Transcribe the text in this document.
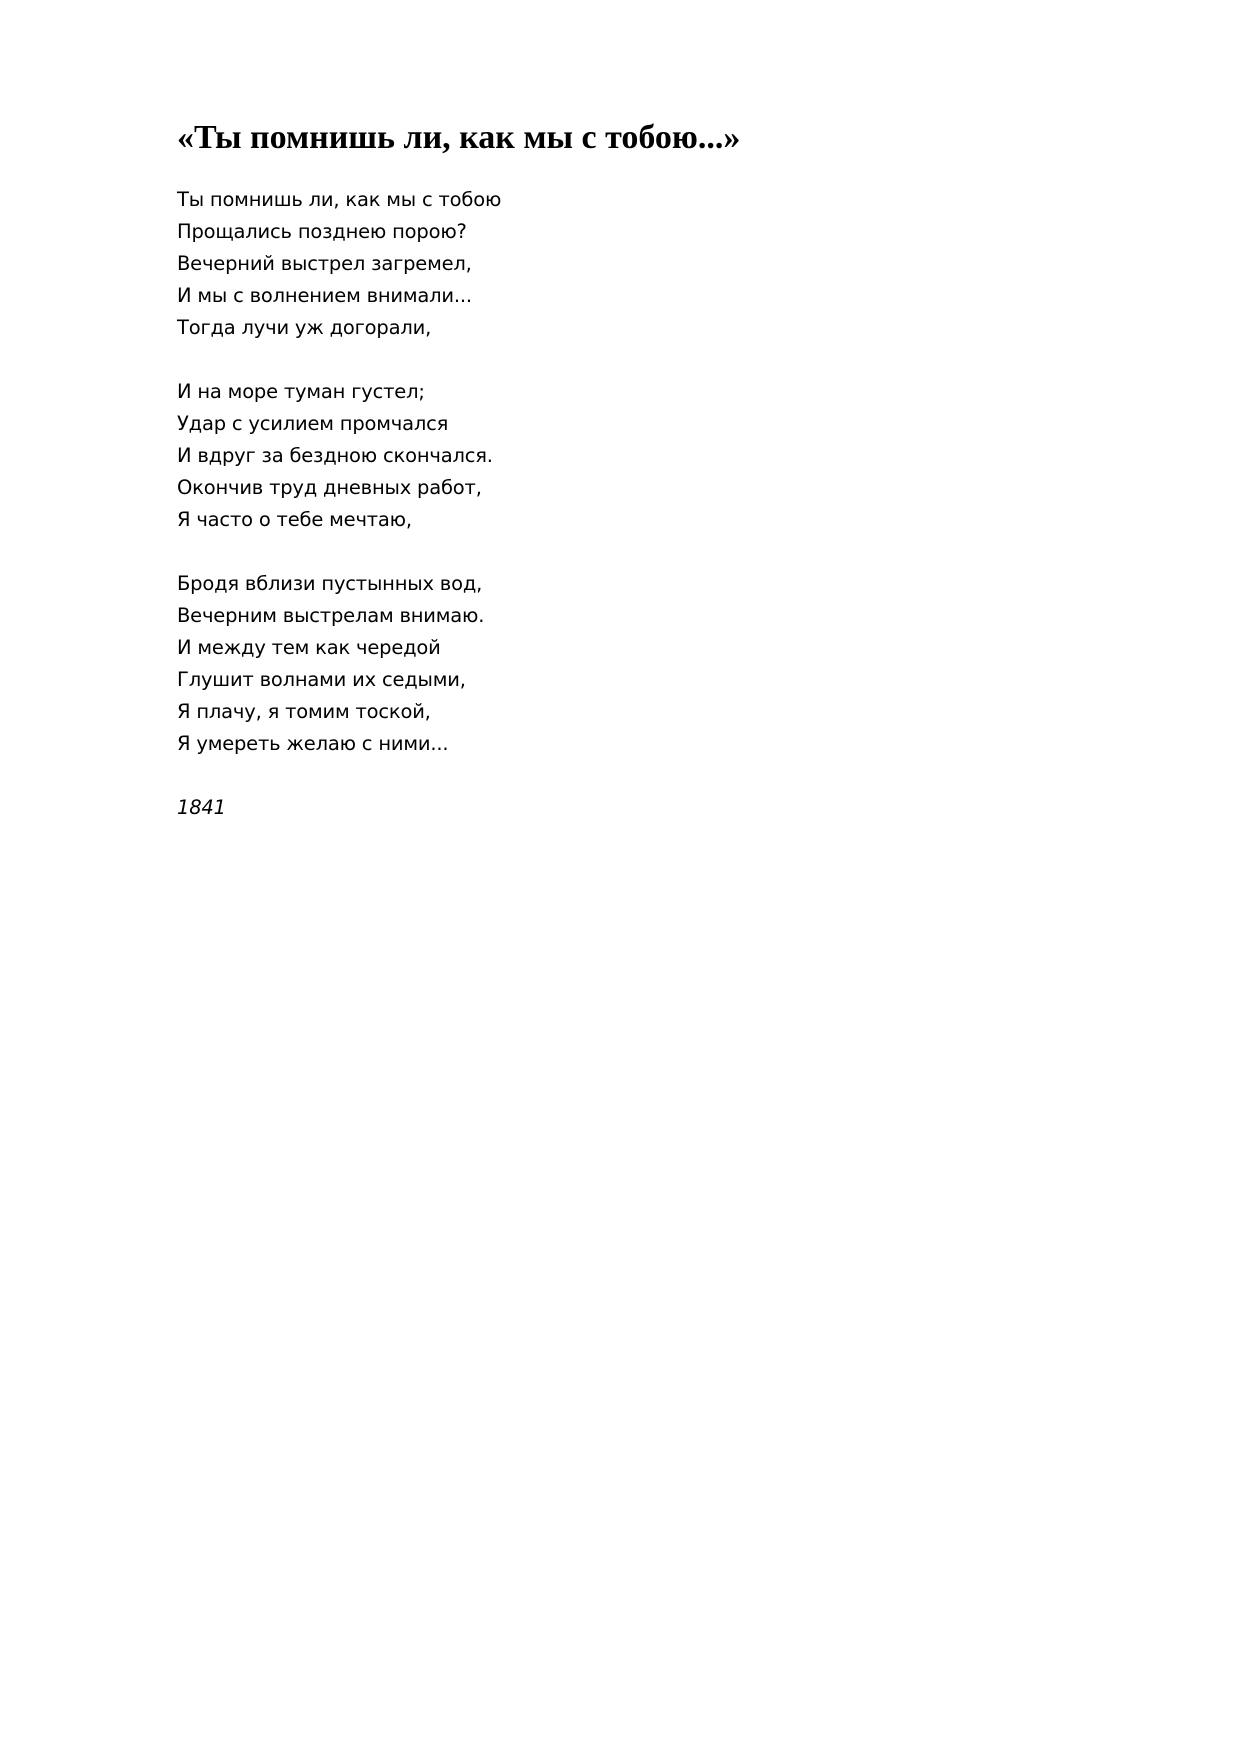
«Ты помнишь ли, как мы с тобою...»
Ты помнишь ли, как мы с тобою
Прощались позднею порою?
Вечерний выстрел загремел,
И мы с волнением внимали...
Тогда лучи уж догорали,
И на море туман густел;
Удар с усилием промчался
И вдруг за бездною скончался.
Окончив труд дневных работ,
Я часто о тебе мечтаю,
Бродя вблизи пустынных вод,
Вечерним выстрелам внимаю.
И между тем как чередой
Глушит волнами их седыми,
Я плачу, я томим тоской,
Я умереть желаю с ними...
1841
